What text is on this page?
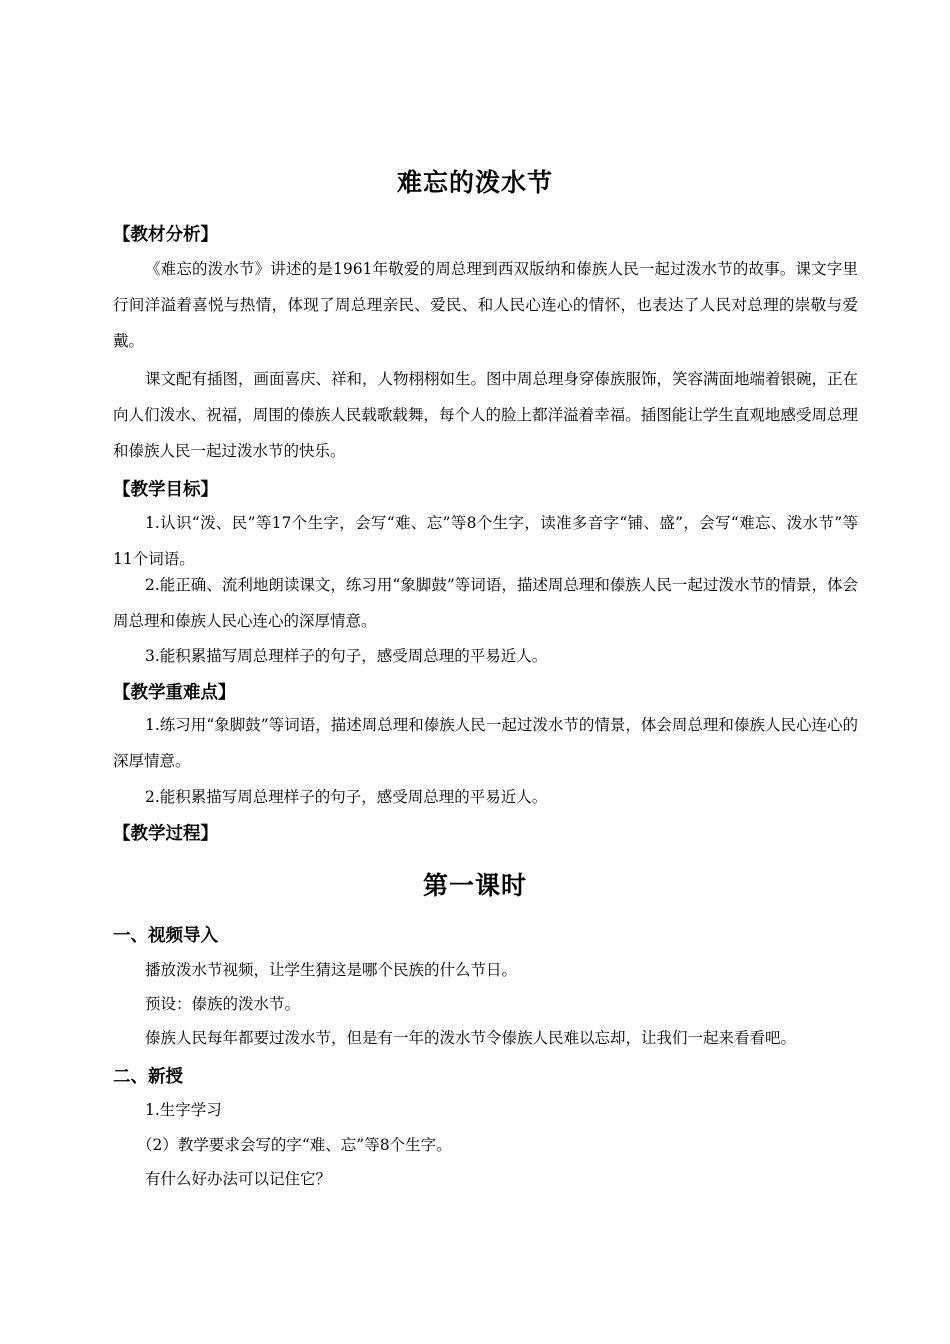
难忘的泼水节
【教材分析】
《难忘的泼水节》讲述的是1961年敬爱的周总理到西双版纳和傣族人民一起过泼水节的故事。课文字里行间洋溢着喜悦与热情，体现了周总理亲民、爱民、和人民心连心的情怀，也表达了人民对总理的崇敬与爱戴。
课文配有插图，画面喜庆、祥和，人物栩栩如生。图中周总理身穿傣族服饰，笑容满面地端着银碗，正在向人们泼水、祝福，周围的傣族人民载歌载舞，每个人的脸上都洋溢着幸福。插图能让学生直观地感受周总理和傣族人民一起过泼水节的快乐。
【教学目标】
1.认识“泼、民”等17个生字，会写“难、忘”等8个生字，读准多音字“铺、盛”，会写“难忘、泼水节”等11个词语。
2.能正确、流利地朗读课文，练习用“象脚鼓”等词语，描述周总理和傣族人民一起过泼水节的情景，体会周总理和傣族人民心连心的深厚情意。
3.能积累描写周总理样子的句子，感受周总理的平易近人。
【教学重难点】
1.练习用“象脚鼓”等词语，描述周总理和傣族人民一起过泼水节的情景，体会周总理和傣族人民心连心的深厚情意。
2.能积累描写周总理样子的句子，感受周总理的平易近人。
【教学过程】
第一课时
一、视频导入
播放泼水节视频，让学生猜这是哪个民族的什么节日。
预设：傣族的泼水节。
傣族人民每年都要过泼水节，但是有一年的泼水节令傣族人民难以忘却，让我们一起来看看吧。
二、新授
1.生字学习
（2）教学要求会写的字“难、忘”等8个生字。
有什么好办法可以记住它？
